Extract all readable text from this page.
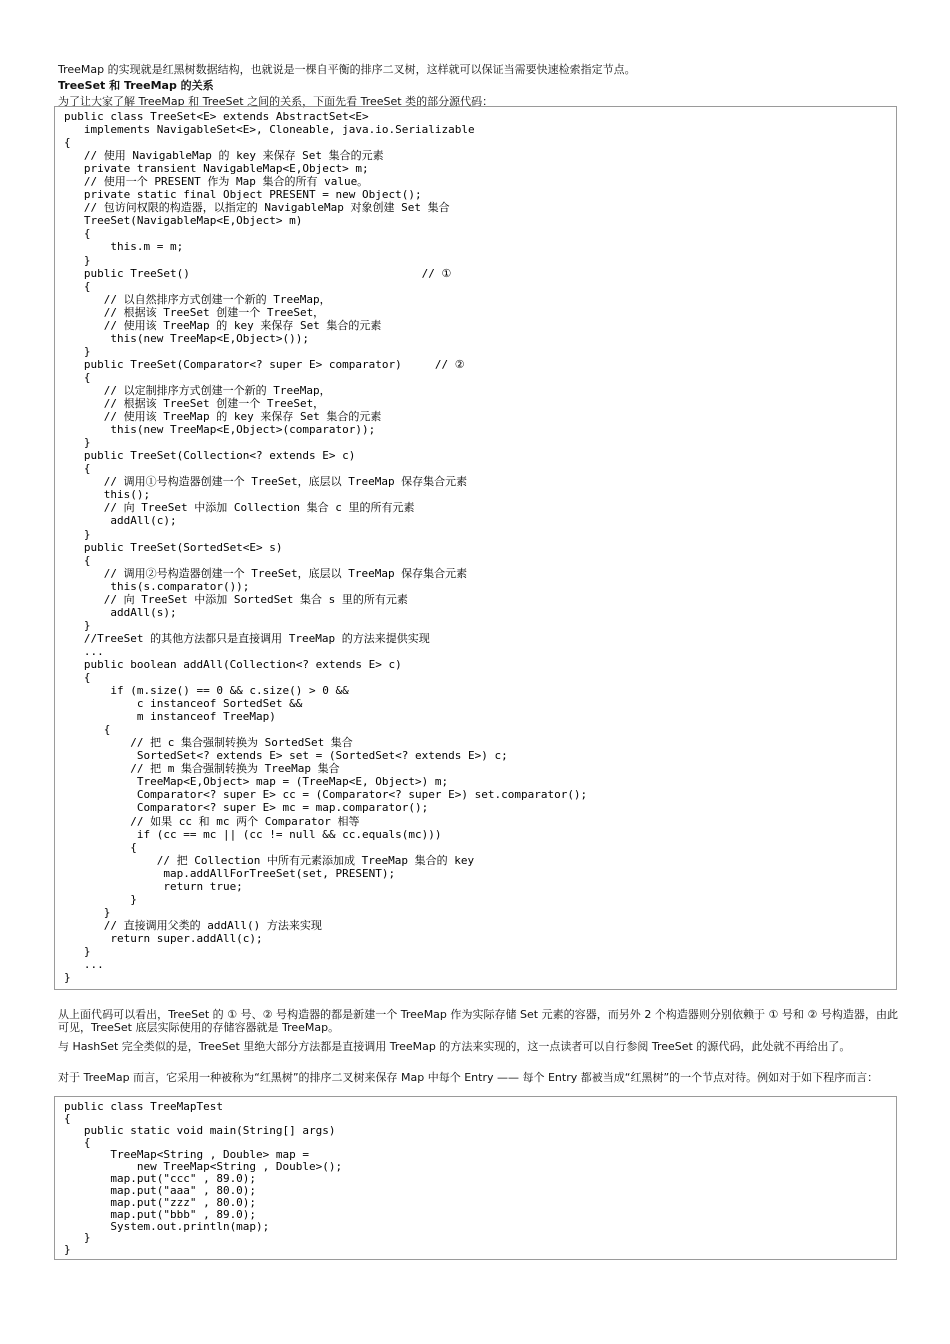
TreeMap 的实现就是红黑树数据结构，也就说是一棵自平衡的排序二叉树，这样就可以保证当需要快速检索指定节点。
TreeSet 和 TreeMap 的关系
为了让大家了解 TreeMap 和 TreeSet 之间的关系，下面先看 TreeSet 类的部分源代码：
public class TreeSet<E> extends AbstractSet<E>
implements NavigableSet<E>, Cloneable, java.io.Serializable
{
// 使用 NavigableMap 的 key 来保存 Set 集合的元素
private transient NavigableMap<E,Object> m;
// 使用一个 PRESENT 作为 Map 集合的所有 value。
private static final Object PRESENT = new Object();
// 包访问权限的构造器，以指定的 NavigableMap 对象创建 Set 集合
TreeSet(NavigableMap<E,Object> m)
{
this.m = m;
}
public TreeSet()                                   // ①
{
// 以自然排序方式创建一个新的 TreeMap，
// 根据该 TreeSet 创建一个 TreeSet，
// 使用该 TreeMap 的 key 来保存 Set 集合的元素
this(new TreeMap<E,Object>());
}
public TreeSet(Comparator<? super E> comparator)     // ②
{
// 以定制排序方式创建一个新的 TreeMap，
// 根据该 TreeSet 创建一个 TreeSet，
// 使用该 TreeMap 的 key 来保存 Set 集合的元素
this(new TreeMap<E,Object>(comparator));
}
public TreeSet(Collection<? extends E> c)
{
// 调用①号构造器创建一个 TreeSet，底层以 TreeMap 保存集合元素
this();
// 向 TreeSet 中添加 Collection 集合 c 里的所有元素
addAll(c);
}
public TreeSet(SortedSet<E> s)
{
// 调用②号构造器创建一个 TreeSet，底层以 TreeMap 保存集合元素
this(s.comparator());
// 向 TreeSet 中添加 SortedSet 集合 s 里的所有元素
addAll(s);
}
//TreeSet 的其他方法都只是直接调用 TreeMap 的方法来提供实现
...
public boolean addAll(Collection<? extends E> c)
{
if (m.size() == 0 && c.size() > 0 &&
c instanceof SortedSet &&
m instanceof TreeMap)
{
// 把 c 集合强制转换为 SortedSet 集合
SortedSet<? extends E> set = (SortedSet<? extends E>) c;
// 把 m 集合强制转换为 TreeMap 集合
TreeMap<E,Object> map = (TreeMap<E, Object>) m;
Comparator<? super E> cc = (Comparator<? super E>) set.comparator();
Comparator<? super E> mc = map.comparator();
// 如果 cc 和 mc 两个 Comparator 相等
if (cc == mc || (cc != null && cc.equals(mc)))
{
// 把 Collection 中所有元素添加成 TreeMap 集合的 key
map.addAllForTreeSet(set, PRESENT);
return true;
}
}
// 直接调用父类的 addAll() 方法来实现
return super.addAll(c);
}
...
}
从上面代码可以看出，TreeSet 的 ① 号、② 号构造器的都是新建一个 TreeMap 作为实际存储 Set 元素的容器，而另外 2 个构造器则分别依赖于 ① 号和 ② 号构造器，由此可见，TreeSet 底层实际使用的存储容器就是 TreeMap。
与 HashSet 完全类似的是，TreeSet 里绝大部分方法都是直接调用 TreeMap 的方法来实现的，这一点读者可以自行参阅 TreeSet 的源代码，此处就不再给出了。
对于 TreeMap 而言，它采用一种被称为“红黑树”的排序二叉树来保存 Map 中每个 Entry —— 每个 Entry 都被当成“红黑树”的一个节点对待。例如对于如下程序而言：
public class TreeMapTest
{
public static void main(String[] args)
{
TreeMap<String , Double> map =
new TreeMap<String , Double>();
map.put("ccc" , 89.0);
map.put("aaa" , 80.0);
map.put("zzz" , 80.0);
map.put("bbb" , 89.0);
System.out.println(map);
}
}
